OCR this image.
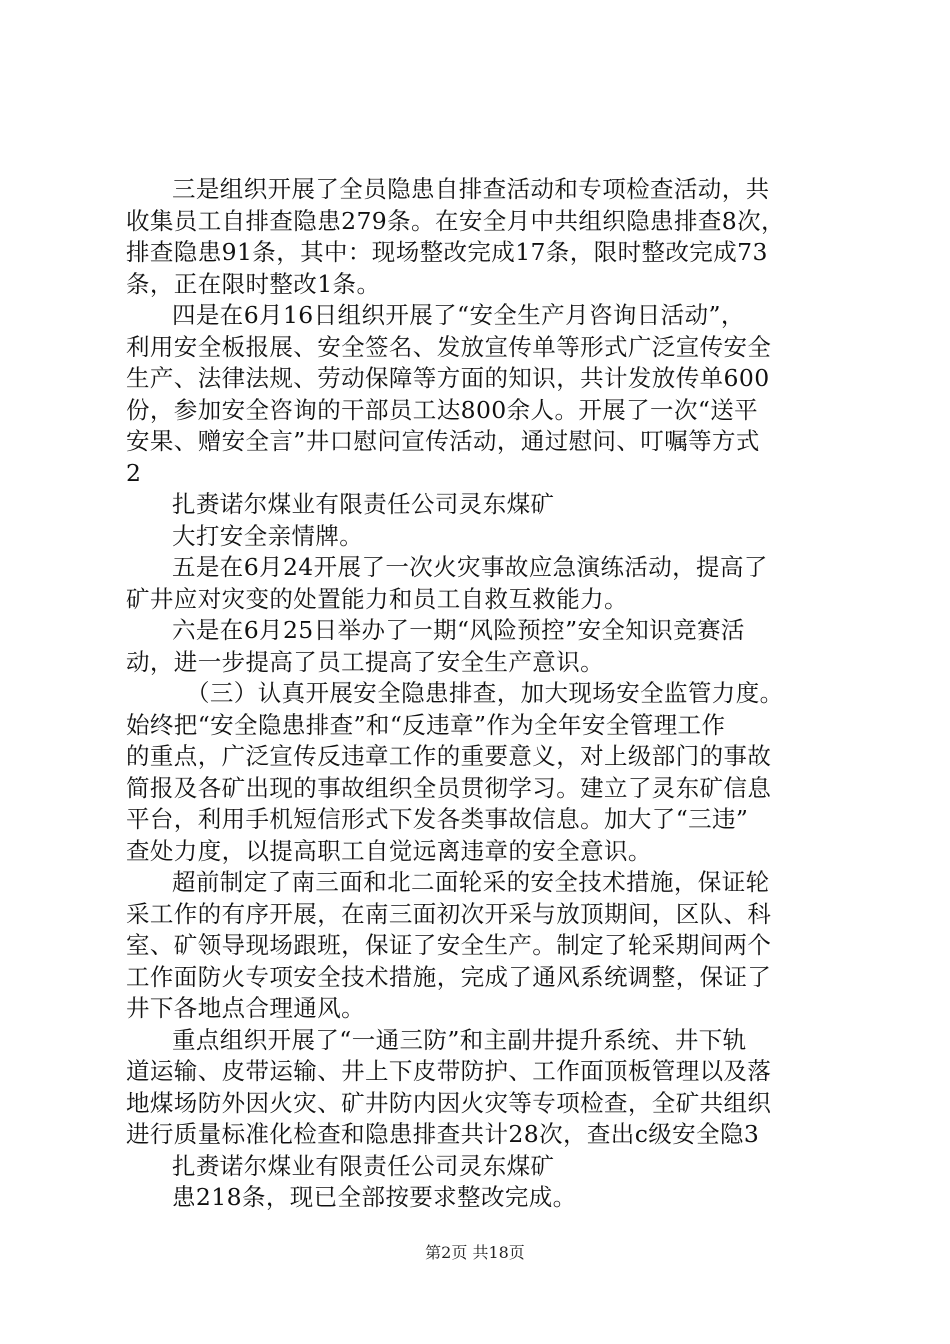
三是组织开展了全员隐患自排查活动和专项检查活动，共
收集员工自排查隐患279条。在安全月中共组织隐患排查8次，
排查隐患91条，其中：现场整改完成17条，限时整改完成73
条，正在限时整改1条。
四是在6月16日组织开展了“安全生产月咨询日活动”，
利用安全板报展、安全签名、发放宣传单等形式广泛宣传安全
生产、法律法规、劳动保障等方面的知识，共计发放传单600
份，参加安全咨询的干部员工达800余人。开展了一次“送平
安果、赠安全言”井口慰问宣传活动，通过慰问、叮嘱等方式
2
扎赉诺尔煤业有限责任公司灵东煤矿
大打安全亲情牌。
五是在6月24开展了一次火灾事故应急演练活动，提高了
矿井应对灾变的处置能力和员工自救互救能力。
六是在6月25日举办了一期“风险预控”安全知识竞赛活
动，进一步提高了员工提高了安全生产意识。
（三）认真开展安全隐患排查，加大现场安全监管力度。
始终把“安全隐患排查”和“反违章”作为全年安全管理工作
的重点，广泛宣传反违章工作的重要意义，对上级部门的事故
简报及各矿出现的事故组织全员贯彻学习。建立了灵东矿信息
平台，利用手机短信形式下发各类事故信息。加大了“三违”
查处力度，以提高职工自觉远离违章的安全意识。
超前制定了南三面和北二面轮采的安全技术措施，保证轮
采工作的有序开展，在南三面初次开采与放顶期间，区队、科
室、矿领导现场跟班，保证了安全生产。制定了轮采期间两个
工作面防火专项安全技术措施，完成了通风系统调整，保证了
井下各地点合理通风。
重点组织开展了“一通三防”和主副井提升系统、井下轨
道运输、皮带运输、井上下皮带防护、工作面顶板管理以及落
地煤场防外因火灾、矿井防内因火灾等专项检查，全矿共组织
进行质量标准化检查和隐患排查共计28次，查出c级安全隐3
扎赉诺尔煤业有限责任公司灵东煤矿
患218条，现已全部按要求整改完成。
第2页 共18页
